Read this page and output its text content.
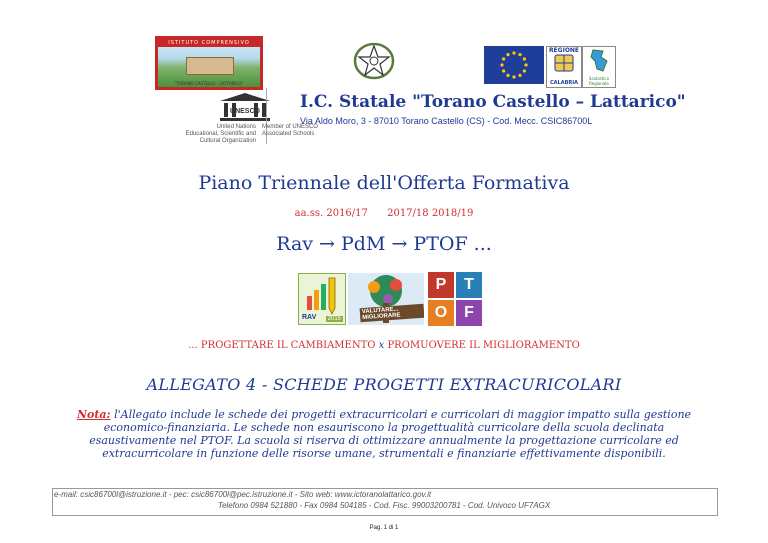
ISTITUTO COMPRENSIVO
"TORANO CASTELLO - LATTARICO"
REGIONE
CALABRIA
Scolastico Regionale
UNESCO
United Nations
Educational, Scientific and
Cultural Organization
Member of UNESCO
Associated Schools
I.C. Statale "Torano Castello – Lattarico"
Via Aldo Moro, 3 - 87010 Torano Castello (CS) - Cod. Mecc. CSIC86700L
Piano Triennale dell'Offerta Formativa
aa.ss. 2016/17 2017/18 2018/19
Rav → PdM → PTOF ...
RAV	2015
VALUTARE... MIGLIORARE
P	T
O	F
... PROGETTARE IL CAMBIAMENTO x PROMUOVERE IL MIGLIORAMENTO
ALLEGATO 4 - SCHEDE PROGETTI EXTRACURICOLARI
Nota: l'Allegato include le schede dei progetti extracurricolari e curricolari di maggior impatto sulla gestione economico-finanziaria. Le schede non esauriscono la progettualità curricolare della scuola declinata esaustivamente nel PTOF. La scuola si riserva di ottimizzare annualmente la progettazione curricolare ed extracurricolare in funzione delle risorse umane, strumentali e finanziarie effettivamente disponibili.
e-mail: csic86700l@istruzione.it - pec: csic86700l@pec.istruzione.it - Sito web: www.ictoranolattarico.gov.it
Telefono 0984 521880 - Fax 0984 504185 - Cod. Fisc. 99003200781 - Cod. Univoco UF7AGX
Pag. 1 di 1
